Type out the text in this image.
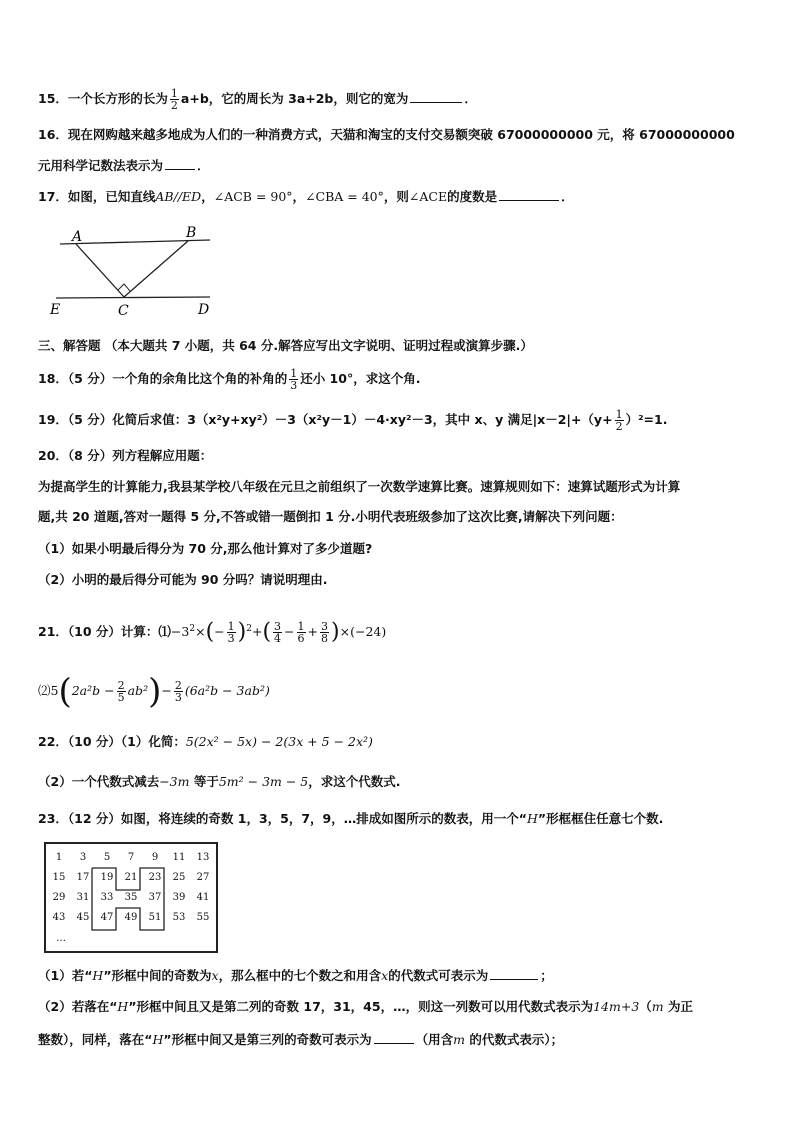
15．一个长方形的长为 $\frac{1}{2} a+b$，它的周长为 3a+2b，则它的宽为	．
16．现在网购越来越多地成为人们的一种消费方式，天猫和淘宝的支付交易额突破 67000000000 元，将 67000000000
元用科学记数法表示为	．
17．如图，已知直线AB//ED，∠ACB = 90°，∠CBA = 40°，则∠ACE的度数是	．
A	B
E	C	D
三、解答题 （本大题共 7 小题，共 64 分.解答应写出文字说明、证明过程或演算步骤.）
18．（5 分）一个角的余角比这个角的补角的 $\frac{1}{3}$ 还小 10°，求这个角.
19．（5 分）化简后求值：3（x²y+xy²）－3（x²y－1）－4·xy²－3，其中 x、y 满足$|x-2|+(y+ \frac{1}{2} )^2=1$.
20．（8 分）列方程解应用题：
为提高学生的计算能力,我县某学校八年级在元旦之前组织了一次数学速算比赛。速算规则如下：速算试题形式为计算
题,共 20 道题,答对一题得 5 分,不答或错一题倒扣 1 分.小明代表班级参加了这次比赛,请解决下列问题：
（1）如果小明最后得分为 70 分,那么他计算对了多少道题?
（2）小明的最后得分可能为 90 分吗？请说明理由.
21．（10 分）计算：$⑴-3^2\times(- \frac{1}{3} )^2+( \frac{3}{4} - \frac{1}{6} + \frac{3}{8} )\times(-24)$
⑵5(2a²b − $\frac{2}{5} ab^2)- \frac{2}{3} (6a^2b - 3ab^2)$
22．（10 分）（1）化简：5(2x² − 5x) − 2(3x + 5 − 2x²)
（2）一个代数式减去−3m 等于5m² − 3m − 5，求这个代数式.
23．（12 分）如图，将连续的奇数 1，3，5，7，9，…排成如图所示的数表，用一个“H”形框框住任意七个数.
1	3	5	7	9	11	13
15	17	19	21	23	25	27
29	31	33	35	37	39	41
43	45	47	49	51	53	55
…
（1）若“H”形框中间的奇数为x，那么框中的七个数之和用含x的代数式可表示为	；
（2）若落在“H”形框中间且又是第二列的奇数 17，31，45，…，则这一列数可以用代数式表示为14m+3（m 为正
整数），同样，落在“H”形框中间又是第三列的奇数可表示为	（用含m 的代数式表示）；
